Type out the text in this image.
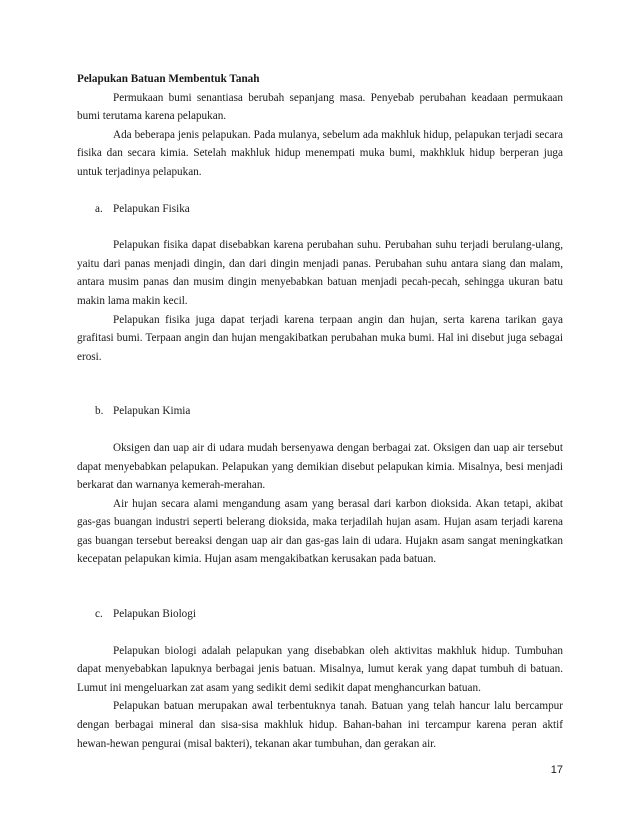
Pelapukan Batuan Membentuk Tanah

Permukaan bumi senantiasa berubah sepanjang masa. Penyebab perubahan keadaan permukaan bumi terutama karena pelapukan.

Ada beberapa jenis pelapukan. Pada mulanya, sebelum ada makhluk hidup, pelapukan terjadi secara fisika dan secara kimia. Setelah makhluk hidup menempati muka bumi, makhkluk hidup berperan juga untuk terjadinya pelapukan.

a. Pelapukan Fisika

Pelapukan fisika dapat disebabkan karena perubahan suhu. Perubahan suhu terjadi berulang-ulang, yaitu dari panas menjadi dingin, dan dari dingin menjadi panas. Perubahan suhu antara siang dan malam, antara musim panas dan musim dingin menyebabkan batuan menjadi pecah-pecah, sehingga ukuran batu makin lama makin kecil.

Pelapukan fisika juga dapat terjadi karena terpaan angin dan hujan, serta karena tarikan gaya grafitasi bumi. Terpaan angin dan hujan mengakibatkan perubahan muka bumi. Hal ini disebut juga sebagai erosi.

b. Pelapukan Kimia

Oksigen dan uap air di udara mudah bersenyawa dengan berbagai zat. Oksigen dan uap air tersebut dapat menyebabkan pelapukan. Pelapukan yang demikian disebut pelapukan kimia. Misalnya, besi menjadi berkarat dan warnanya kemerah-merahan.

Air hujan secara alami mengandung asam yang berasal dari karbon dioksida. Akan tetapi, akibat gas-gas buangan industri seperti belerang dioksida, maka terjadilah hujan asam. Hujan asam terjadi karena gas buangan tersebut bereaksi dengan uap air dan gas-gas lain di udara. Hujakn asam sangat meningkatkan kecepatan pelapukan kimia. Hujan asam mengakibatkan kerusakan pada batuan.

c. Pelapukan Biologi

Pelapukan biologi adalah pelapukan yang disebabkan oleh aktivitas makhluk hidup. Tumbuhan dapat menyebabkan lapuknya berbagai jenis batuan. Misalnya, lumut kerak yang dapat tumbuh di batuan. Lumut ini mengeluarkan zat asam yang sedikit demi sedikit dapat menghancurkan batuan.

Pelapukan batuan merupakan awal terbentuknya tanah. Batuan yang telah hancur lalu bercampur dengan berbagai mineral dan sisa-sisa makhluk hidup. Bahan-bahan ini tercampur karena peran aktif hewan-hewan pengurai (misal bakteri), tekanan akar tumbuhan, dan gerakan air.

17
